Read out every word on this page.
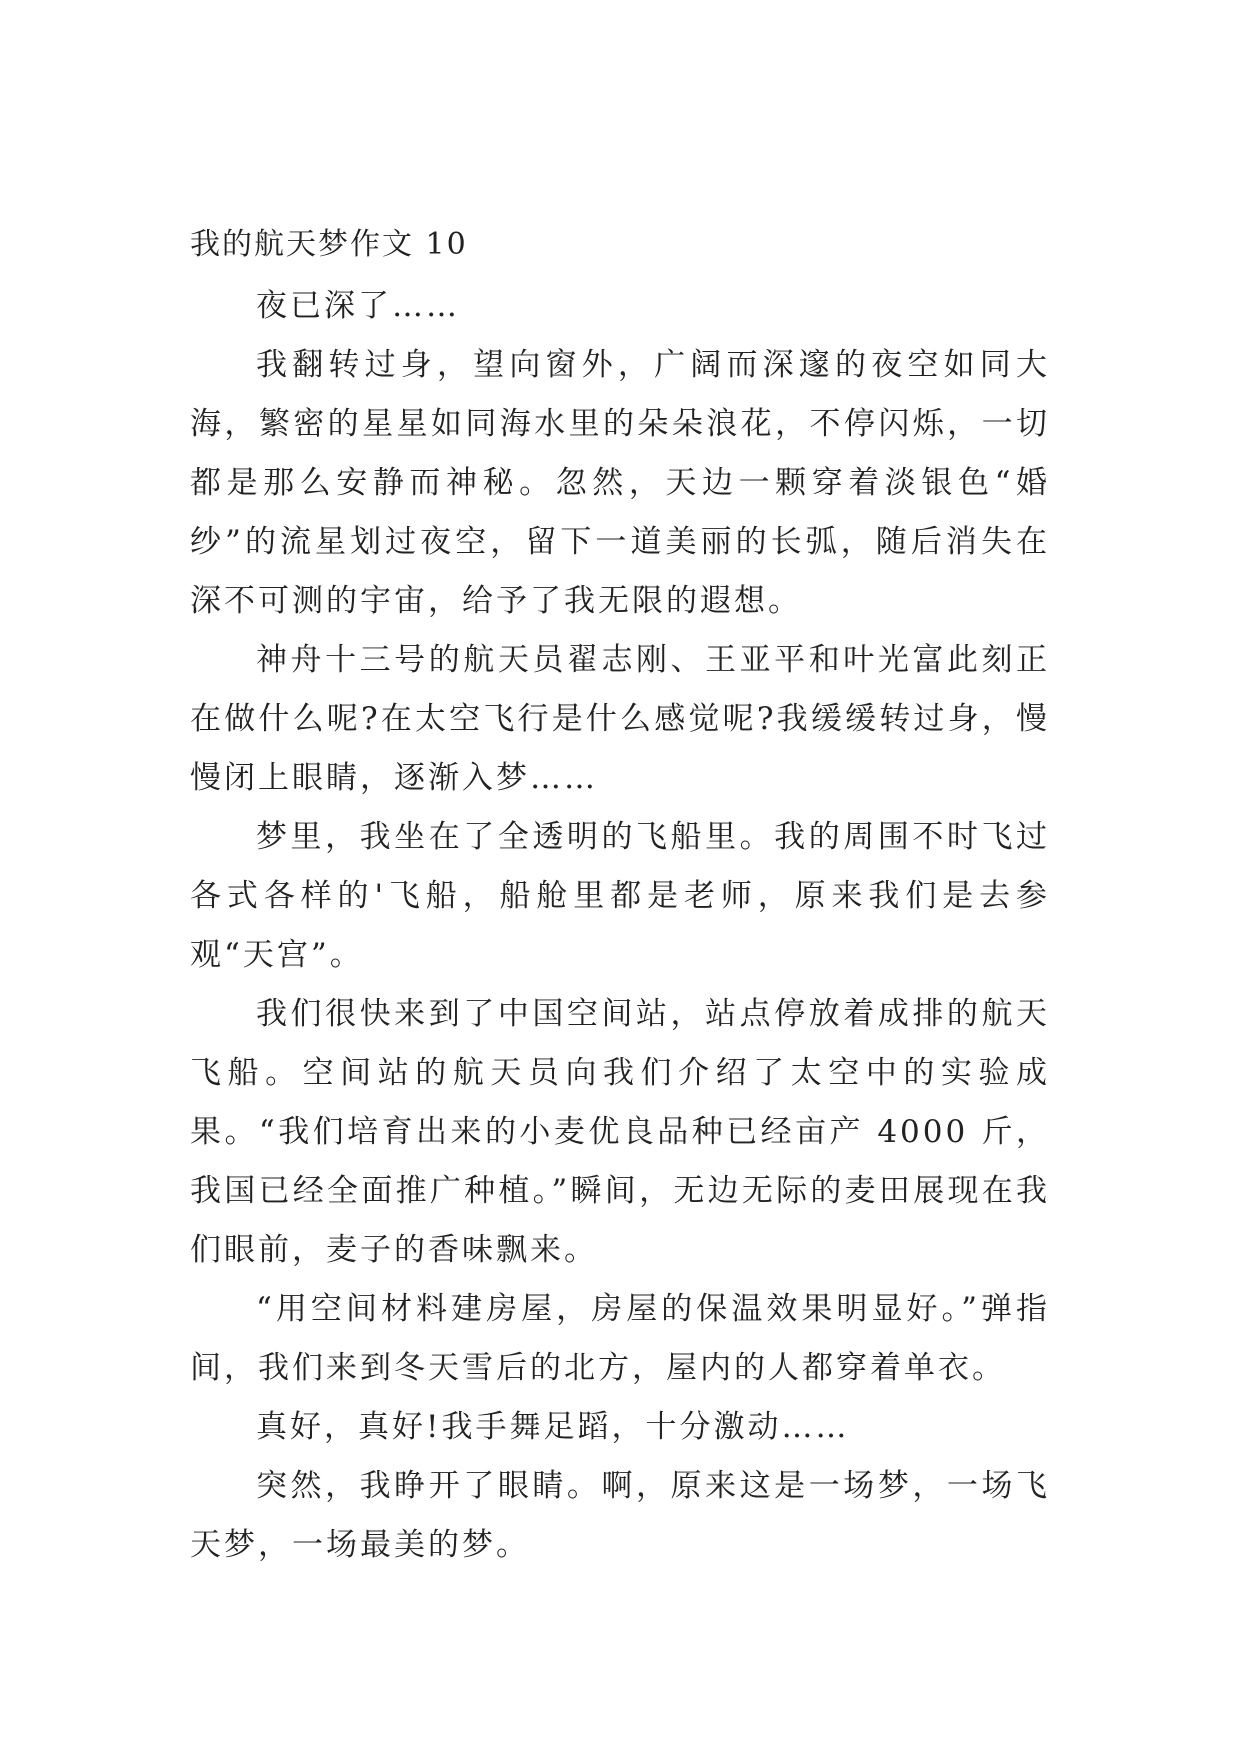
我的航天梦作文 10

夜已深了……

我翻转过身，望向窗外，广阔而深邃的夜空如同大海，繁密的星星如同海水里的朵朵浪花，不停闪烁，一切都是那么安静而神秘。忽然，天边一颗穿着淡银色“婚纱”的流星划过夜空，留下一道美丽的长弧，随后消失在深不可测的宇宙，给予了我无限的遐想。

神舟十三号的航天员翟志刚、王亚平和叶光富此刻正在做什么呢?在太空飞行是什么感觉呢?我缓缓转过身，慢慢闭上眼睛，逐渐入梦……

梦里，我坐在了全透明的飞船里。我的周围不时飞过各式各样的'飞船，船舱里都是老师，原来我们是去参观“天宫”。

我们很快来到了中国空间站，站点停放着成排的航天飞船。空间站的航天员向我们介绍了太空中的实验成果。“我们培育出来的小麦优良品种已经亩产 4000 斤，我国已经全面推广种植。”瞬间，无边无际的麦田展现在我们眼前，麦子的香味飘来。

“用空间材料建房屋，房屋的保温效果明显好。”弹指间，我们来到冬天雪后的北方，屋内的人都穿着单衣。

真好，真好!我手舞足蹈，十分激动……

突然，我睁开了眼睛。啊，原来这是一场梦，一场飞天梦，一场最美的梦。
